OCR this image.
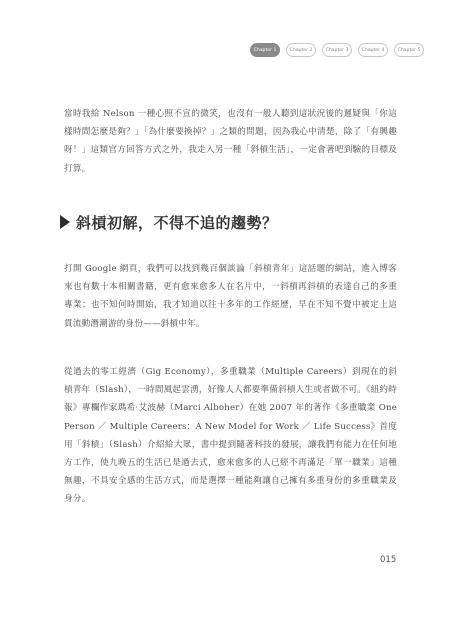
Chapter 1	Chapter 2	Chapter 3	Chapter 4	Chapter 5

當時我給 Nelson 一種心照不宣的微笑，也沒有一般人聽到這狀況後的遲疑與「你這樣時間怎麼是夠？」「為什麼要換掉？」之類的問題，因為我心中清楚，除了「有興趣呀！」這類官方回答方式之外，我走入另一種「斜槓生活」，一定會著吧到驗的目標及打算。

斜槓初解，不得不追的趨勢？

打開 Google 網頁，我們可以找到幾百個談論「斜槓青年」這話題的網站，進入博客來也有數十本相關書籍，更有愈來愈多人在名片中，一斜槓再斜槓的表達自己的多重專業；也不知何時開始，我才知道以往十多年的工作經歷，早在不知不覺中被定上這貫流動潛潮游的身份——斜槓中年。

從過去的零工經濟（Gig Economy），多重職業（Multiple Careers）到現在的斜槓青年（Slash），一時間風起雲湧，好像人人都要準備斜槓人生或者做不可。《紐約時報》專欄作家瑪希·艾波赫（Marci Alboher）在她 2007 年的著作《多重職業 One Person ／ Multiple Careers：A New Model for Work ／ Life Success》首度用「斜槓」（Slash）介紹給大眾，書中提到隨著科技的發展，讓我們有能力在任何地方工作，使九晚五的生活已是過去式，愈來愈多的人已經不再滿足「單一職業」這種無趣，不具安全感的生活方式，而是選擇一種能夠讓自己擁有多重身份的多重職業及身分。

015
